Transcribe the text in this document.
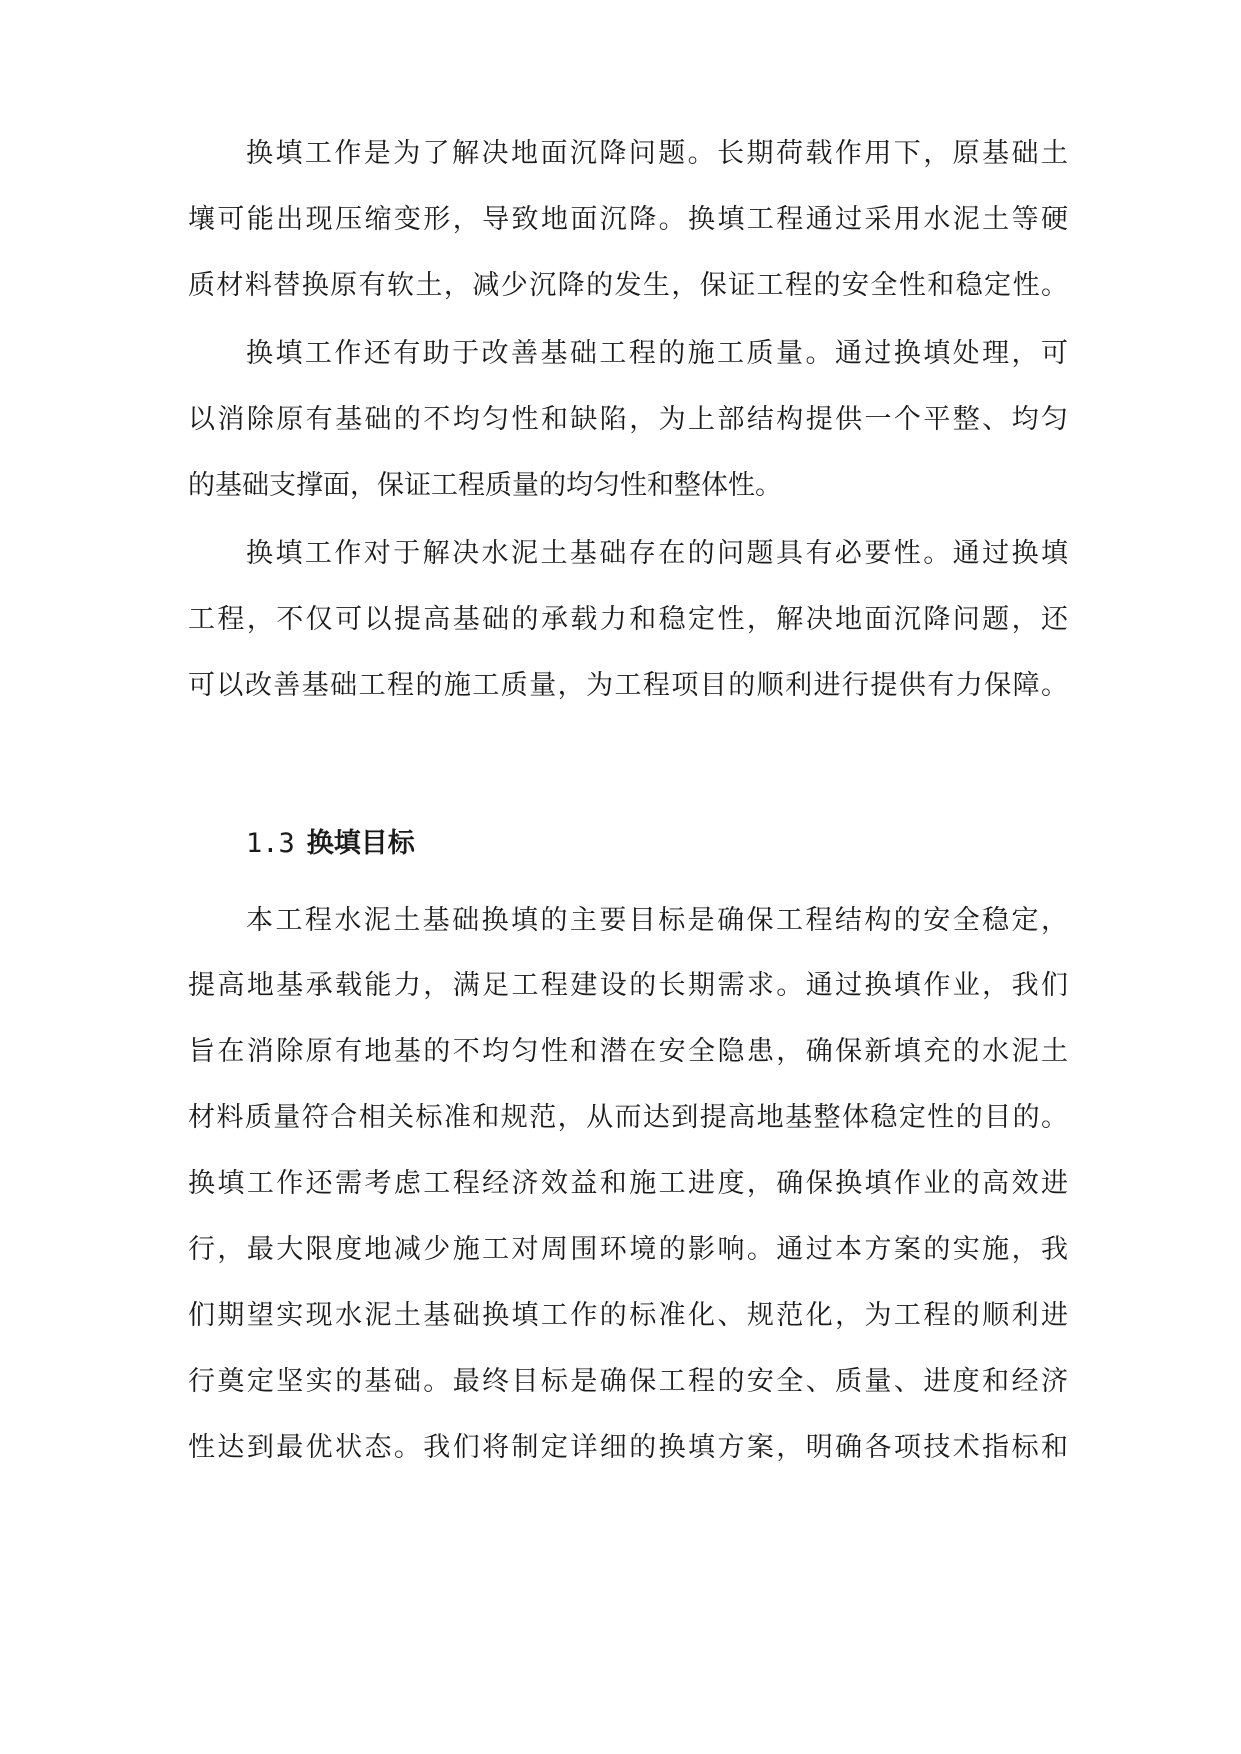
换填工作是为了解决地面沉降问题。长期荷载作用下，原基础土
壤可能出现压缩变形，导致地面沉降。换填工程通过采用水泥土等硬
质材料替换原有软土，减少沉降的发生，保证工程的安全性和稳定性。
换填工作还有助于改善基础工程的施工质量。通过换填处理，可
以消除原有基础的不均匀性和缺陷，为上部结构提供一个平整、均匀
的基础支撑面，保证工程质量的均匀性和整体性。
换填工作对于解决水泥土基础存在的问题具有必要性。通过换填
工程，不仅可以提高基础的承载力和稳定性，解决地面沉降问题，还
可以改善基础工程的施工质量，为工程项目的顺利进行提供有力保障。
1.3 换填目标
本工程水泥土基础换填的主要目标是确保工程结构的安全稳定，
提高地基承载能力，满足工程建设的长期需求。通过换填作业，我们
旨在消除原有地基的不均匀性和潜在安全隐患，确保新填充的水泥土
材料质量符合相关标准和规范，从而达到提高地基整体稳定性的目的。
换填工作还需考虑工程经济效益和施工进度，确保换填作业的高效进
行，最大限度地减少施工对周围环境的影响。通过本方案的实施，我
们期望实现水泥土基础换填工作的标准化、规范化，为工程的顺利进
行奠定坚实的基础。最终目标是确保工程的安全、质量、进度和经济
性达到最优状态。我们将制定详细的换填方案，明确各项技术指标和
